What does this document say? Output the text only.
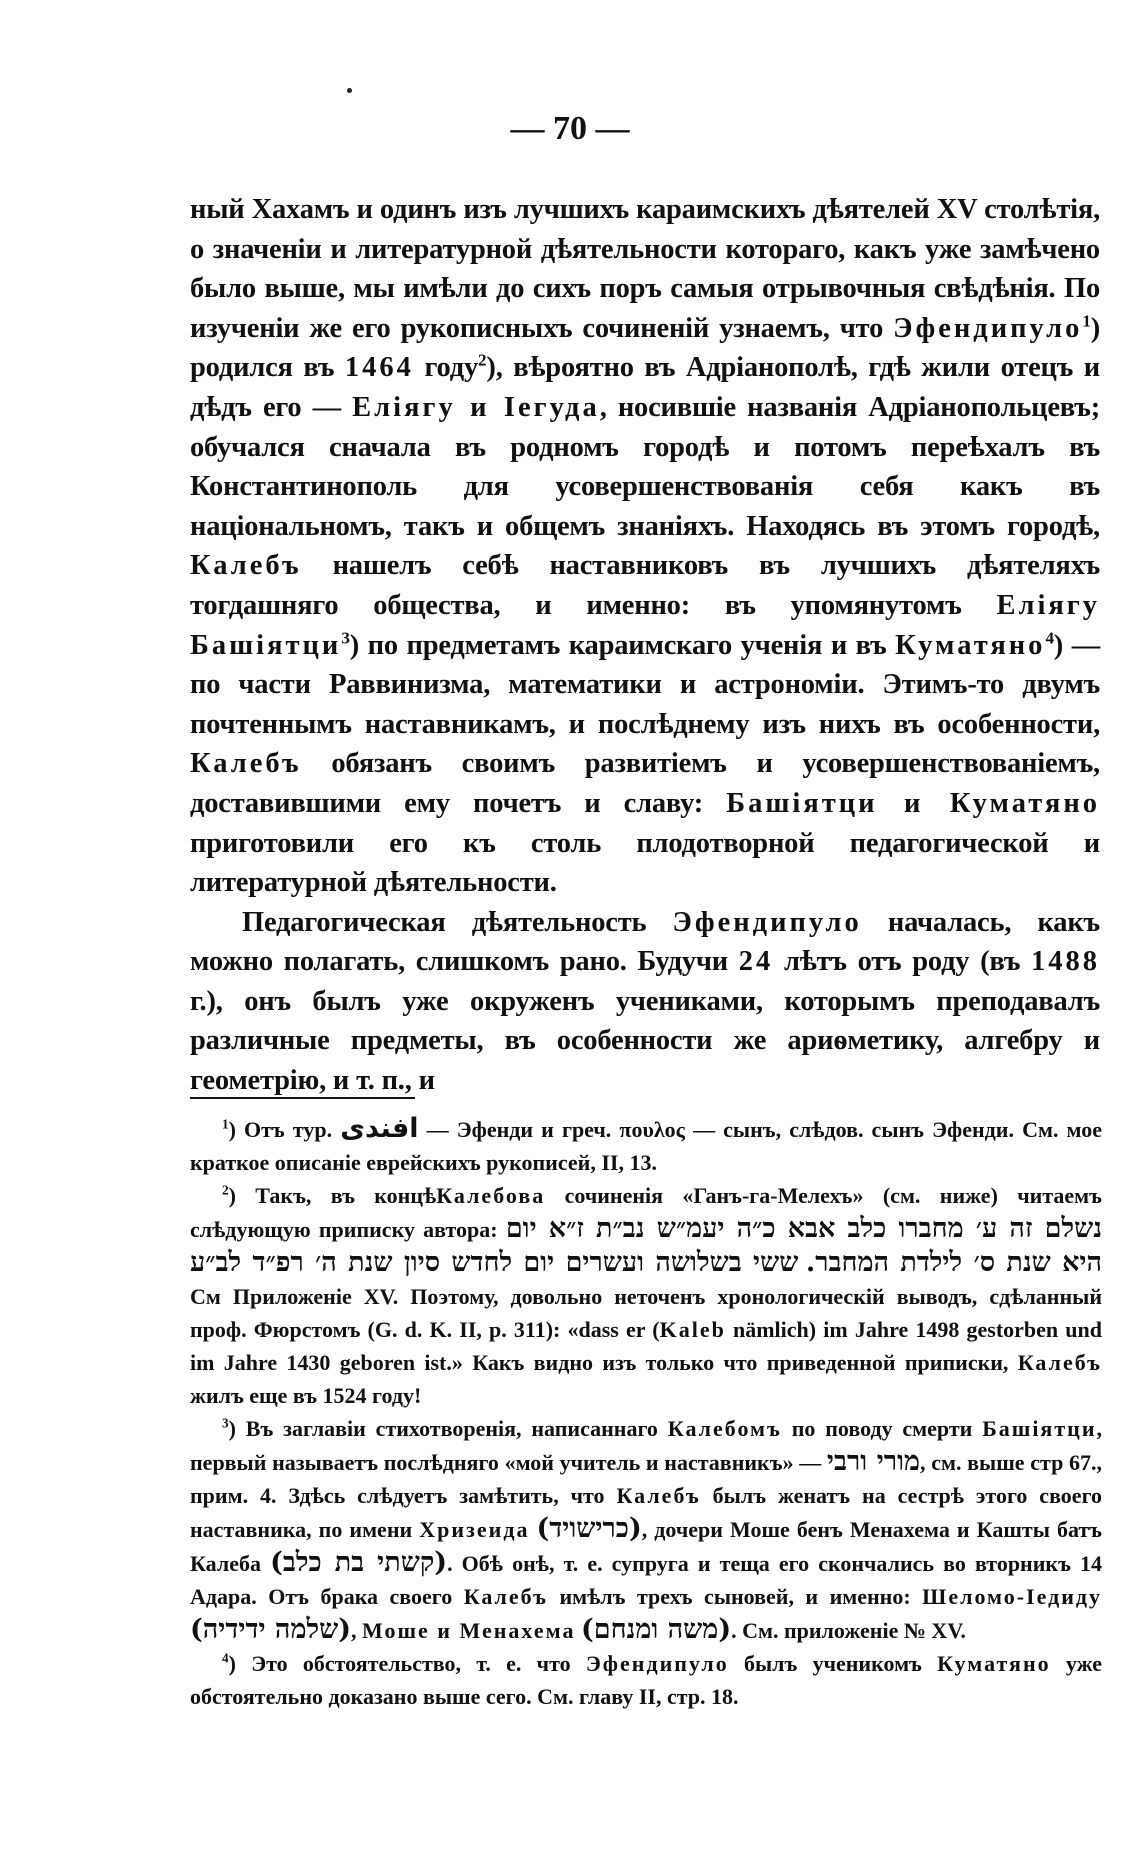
— 70 —

ный Хахамъ и одинъ изъ лучшихъ караимскихъ дѣятелей XV столѣтія, о значеніи и литературной дѣятельности котораго, какъ уже замѣчено было выше, мы имѣли до сихъ поръ самыя отрывочныя свѣдѣнія. По изученіи же его рукописныхъ сочиненій узнаемъ, что Эфендипуло$^1$) родился въ 1464 году$^2$), вѣроятно въ Адріанополѣ, гдѣ жили отецъ и дѣдъ его — Еліягу и Іегуда, носившіе названія Адріанопольцевъ; обучался сначала въ родномъ городѣ и потомъ переѣхалъ въ Константинополь для усовершенствованія себя какъ въ національномъ, такъ и общемъ знаніяхъ. Находясь въ этомъ городѣ, Калебъ нашелъ себѣ наставниковъ въ лучшихъ дѣятеляхъ тогдашняго общества, и именно: въ упомянутомъ Еліягу Башіятци$^3$) по предметамъ караимскаго ученія и въ Куматяно$^4$) — по части Раввинизма, математики и астрономіи. Этимъ-то двумъ почтеннымъ наставникамъ, и послѣднему изъ нихъ въ особенности, Калебъ обязанъ своимъ развитіемъ и усовершенствованіемъ, доставившими ему почетъ и славу: Башіятци и Куматяно приготовили его къ столь плодотворной педагогической и литературной дѣятельности.

Педагогическая дѣятельность Эфендипуло началась, какъ можно полагать, слишкомъ рано. Будучи 24 лѣтъ отъ роду (въ 1488 г.), онъ былъ уже окруженъ учениками, которымъ преподавалъ различные предметы, въ особенности же ариѳметику, алгебру и геометрію, и т. п., и

$^1$) Отъ тур. افندى — Эфенди и греч. πουλος — сынъ, слѣдов. сынъ Эфенди. См. мое краткое описаніе еврейскихъ рукописей, II, 13.

$^2$) Такъ, въ концѣКалебова сочиненія «Ганъ-га-Мелехъ» (см. ниже) читаемъ слѣдующую приписку автора: נשלם זה ע׳ מחברו כלב אבא כ״ה יעמ״ש נב״ת ז״א יום ששי בשלושה ועשרים יום לחדש סיון שנת ה׳ רפ״ד לב״ע היא שנת ס׳ לילדת המחבר. См Приложеніе XV. Поэтому, довольно неточенъ хронологическій выводъ, сдѣланный проф. Фюрстомъ (G. d. K. II, p. 311): «dass er (Kaleb nämlich) im Jahre 1498 gestorben und im Jahre 1430 geboren ist.» Какъ видно изъ только что приведенной приписки, Калебъ жилъ еще въ 1524 году!

$^3$) Въ заглавіи стихотворенія, написаннаго Калебомъ по поводу смерти Башіятци, первый называетъ послѣдняго «мой учитель и наставникъ» — מורי ורבי, см. выше стр 67., прим. 4. Здѣсь слѣдуетъ замѣтить, что Калебъ былъ женатъ на сестрѣ этого своего наставника, по имени Хризеида (כרישויד), дочери Моше бенъ Менахема и Кашты батъ Калеба (קשתי בת כלב). Обѣ онѣ, т. е. супруга и теща его скончались во вторникъ 14 Адара. Отъ брака своего Калебъ имѣлъ трехъ сыновей, и именно: Шеломо-Іедиду (שלמה ידידיה), Моше и Менахема (משה ומנחם). См. приложеніе № XV.

$^4$) Это обстоятельство, т. е. что Эфендипуло былъ ученикомъ Куматяно уже обстоятельно доказано выше сего. См. главу II, стр. 18.
